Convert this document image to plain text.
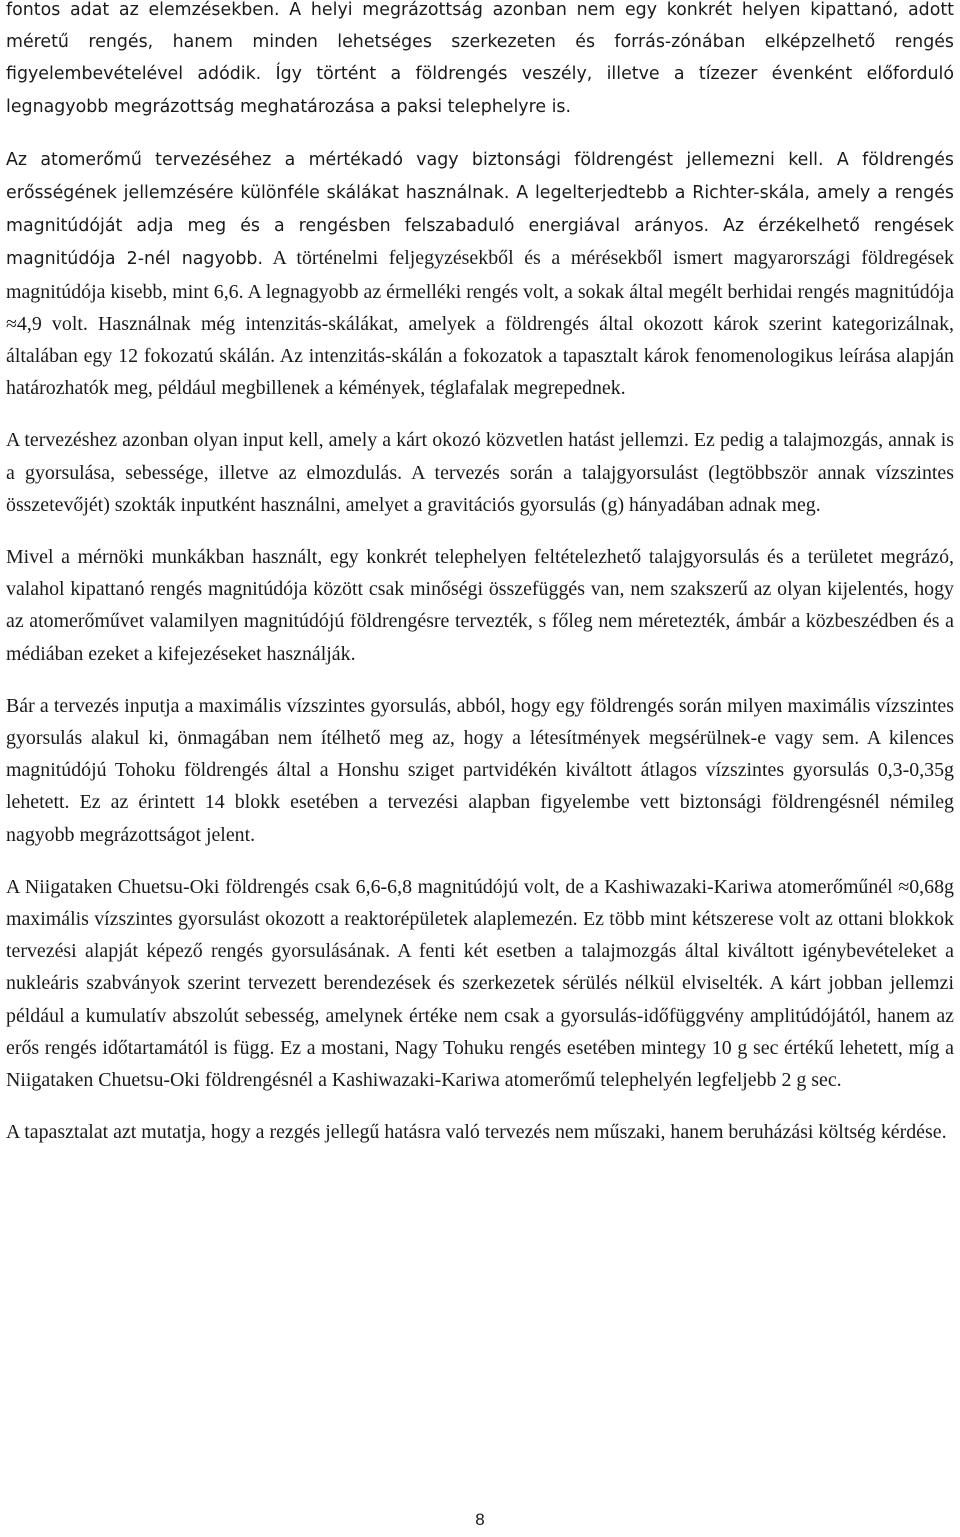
fontos adat az elemzésekben. A helyi megrázottság azonban nem egy konkrét helyen kipattanó, adott méretű rengés, hanem minden lehetséges szerkezeten és forrás-zónában elképzelhető rengés figyelembevételével adódik. Így történt a földrengés veszély, illetve a tízezer évenként előforduló legnagyobb megrázottság meghatározása a paksi telephelyre is.

Az atomerőmű tervezéséhez a mértékadó vagy biztonsági földrengést jellemezni kell. A földrengés erősségének jellemzésére különféle skálákat használnak. A legelterjedtebb a Richter-skála, amely a rengés magnitúdóját adja meg és a rengésben felszabaduló energiával arányos. Az érzékelhető rengések magnitúdója 2-nél nagyobb. A történelmi feljegyzésekből és a mérésekből ismert magyarországi földregések magnitúdója kisebb, mint 6,6. A legnagyobb az érmelléki rengés volt, a sokak által megélt berhidai rengés magnitúdója ≈4,9 volt. Használnak még intenzitás-skálákat, amelyek a földrengés által okozott károk szerint kategorizálnak, általában egy 12 fokozatú skálán. Az intenzitás-skálán a fokozatok a tapasztalt károk fenomenologikus leírása alapján határozhatók meg, például megbillenek a kémények, téglafalak megrepednek.

A tervezéshez azonban olyan input kell, amely a kárt okozó közvetlen hatást jellemzi. Ez pedig a talajmozgás, annak is a gyorsulása, sebessége, illetve az elmozdulás. A tervezés során a talajgyorsulást (legtöbbször annak vízszintes összetevőjét) szokták inputként használni, amelyet a gravitációs gyorsulás (g) hányadában adnak meg.

Mivel a mérnöki munkákban használt, egy konkrét telephelyen feltételezhető talajgyorsulás és a területet megrázó, valahol kipattanó rengés magnitúdója között csak minőségi összefüggés van, nem szakszerű az olyan kijelentés, hogy az atomerőművet valamilyen magnitúdójú földrengésre tervezték, s főleg nem méretezték, ámbár a közbeszédben és a médiában ezeket a kifejezéseket használják.

Bár a tervezés inputja a maximális vízszintes gyorsulás, abból, hogy egy földrengés során milyen maximális vízszintes gyorsulás alakul ki, önmagában nem ítélhető meg az, hogy a létesítmények megsérülnek-e vagy sem. A kilences magnitúdójú Tohoku földrengés által a Honshu sziget partvidékén kiváltott átlagos vízszintes gyorsulás 0,3-0,35g lehetett. Ez az érintett 14 blokk esetében a tervezési alapban figyelembe vett biztonsági földrengésnél némileg nagyobb megrázottságot jelent.

A Niigataken Chuetsu-Oki földrengés csak 6,6-6,8 magnitúdójú volt, de a Kashiwazaki-Kariwa atomerőműnél ≈0,68g maximális vízszintes gyorsulást okozott a reaktorépületek alaplemezén. Ez több mint kétszerese volt az ottani blokkok tervezési alapját képező rengés gyorsulásának. A fenti két esetben a talajmozgás által kiváltott igénybevételeket a nukleáris szabványok szerint tervezett berendezések és szerkezetek sérülés nélkül elviselték. A kárt jobban jellemzi például a kumulatív abszolút sebesség, amelynek értéke nem csak a gyorsulás-időfüggvény amplitúdójától, hanem az erős rengés időtartamától is függ. Ez a mostani, Nagy Tohuku rengés esetében mintegy 10 g sec értékű lehetett, míg a Niigataken Chuetsu-Oki földrengésnél a Kashiwazaki-Kariwa atomerőmű telephelyén legfeljebb 2 g sec.

A tapasztalat azt mutatja, hogy a rezgés jellegű hatásra való tervezés nem műszaki, hanem beruházási költség kérdése.

8
